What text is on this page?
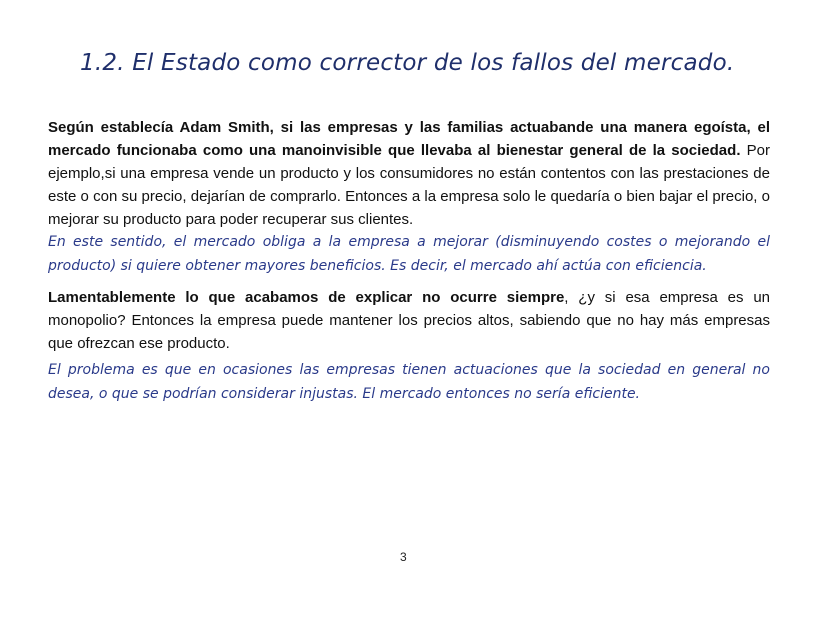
1.2. El Estado como corrector de los fallos del mercado.

Según establecía Adam Smith, si las empresas y las familias actuabande una manera egoísta, el mercado funcionaba como una manoinvisible que llevaba al bienestar general de la sociedad. Por ejemplo,si una empresa vende un producto y los consumidores no están contentos con las prestaciones de este o con su precio, dejarían de comprarlo. Entonces a la empresa solo le quedaría o bien bajar el precio, o mejorar su producto para poder recuperar sus clientes.

En este sentido, el mercado obliga a la empresa a mejorar (disminuyendo costes o mejorando el producto) si quiere obtener mayores beneficios. Es decir, el mercado ahí actúa con eficiencia.

Lamentablemente lo que acabamos de explicar no ocurre siempre, ¿y si esa empresa es un monopolio? Entonces la empresa puede mantener los precios altos, sabiendo que no hay más empresas que ofrezcan ese producto.

El problema es que en ocasiones las empresas tienen actuaciones que la sociedad en general no desea, o que se podrían considerar injustas. El mercado entonces no sería eficiente.

3
